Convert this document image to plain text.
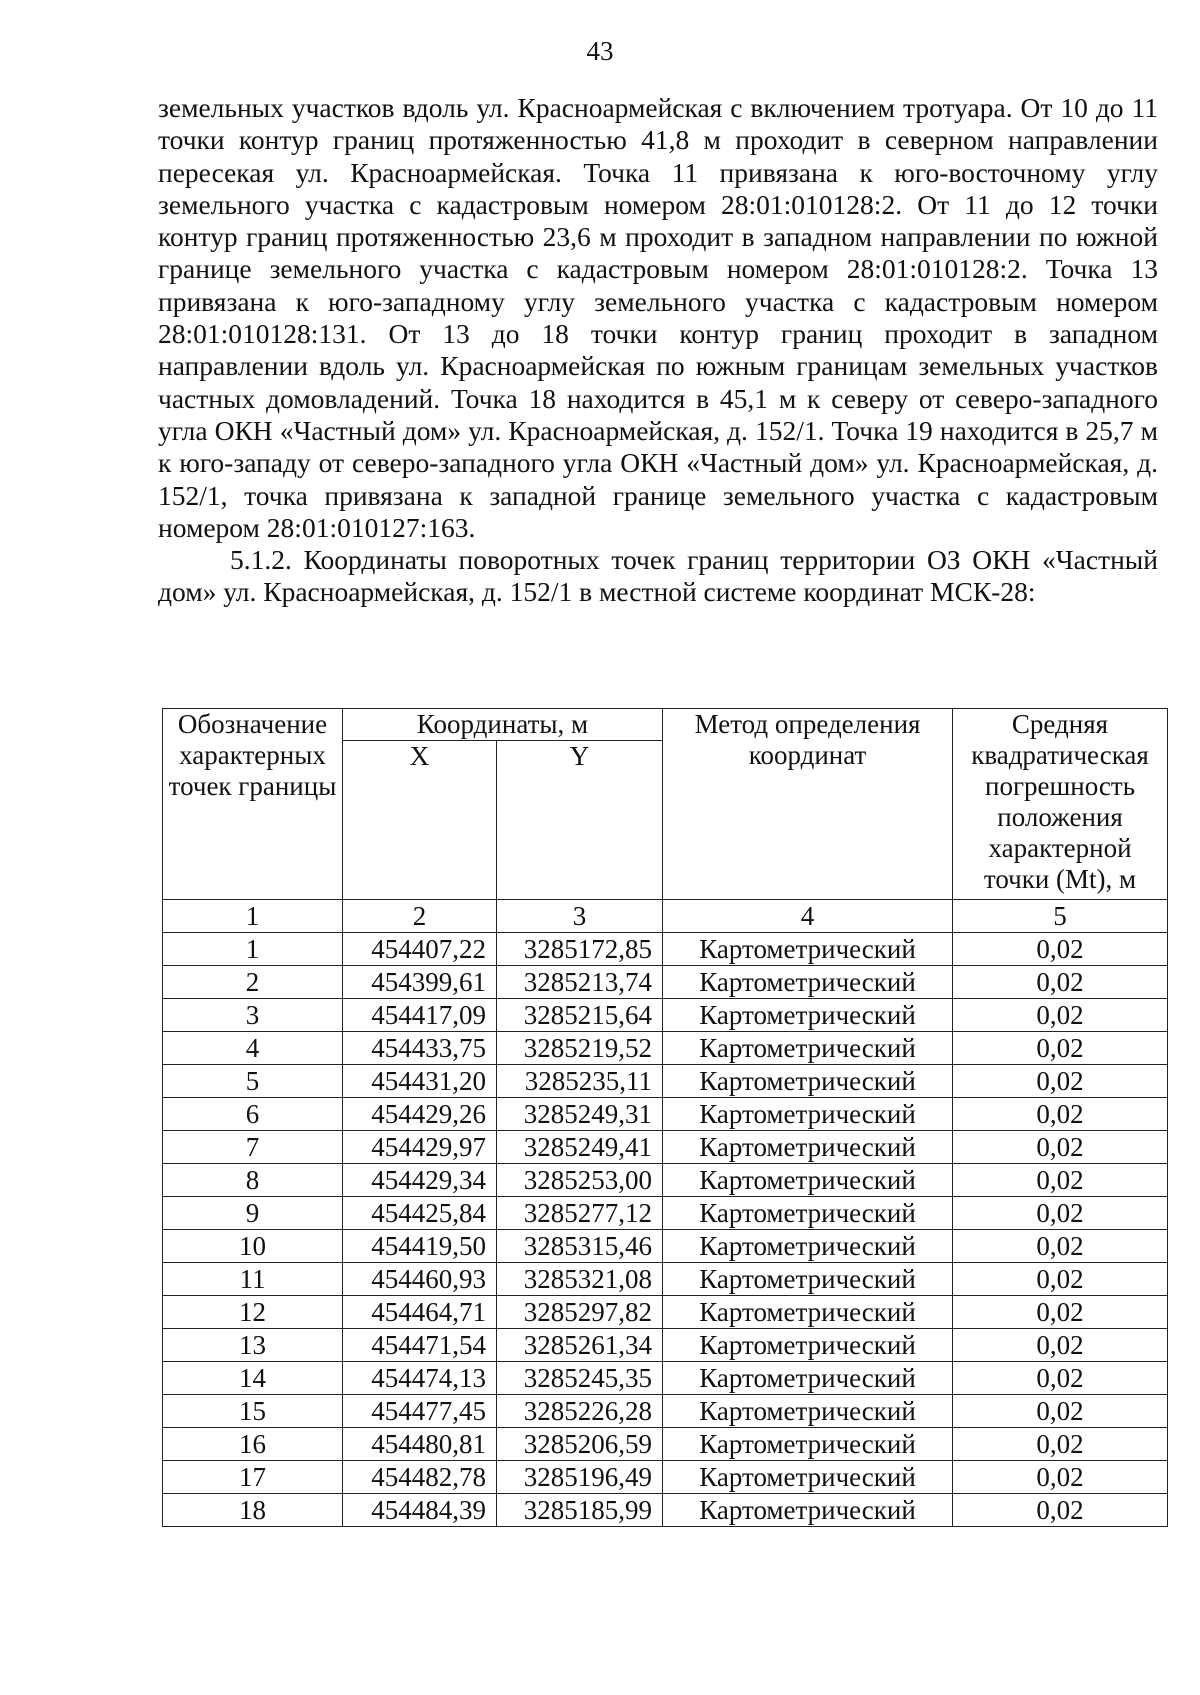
43

земельных участков вдоль ул. Красноармейская с включением тротуара. От 10 до 11 точки контур границ протяженностью 41,8 м проходит в северном направлении пересекая ул. Красноармейская. Точка 11 привязана к юго-восточному углу земельного участка с кадастровым номером 28:01:010128:2. От 11 до 12 точки контур границ протяженностью 23,6 м проходит в западном направлении по южной границе земельного участка с кадастровым номером 28:01:010128:2. Точка 13 привязана к юго-западному углу земельного участка с кадастровым номером 28:01:010128:131. От 13 до 18 точки контур границ проходит в западном направлении вдоль ул. Красноармейская по южным границам земельных участков частных домовладений. Точка 18 находится в 45,1 м к северу от северо-западного угла ОКН «Частный дом» ул. Красноармейская, д. 152/1. Точка 19 находится в 25,7 м к юго-западу от северо-западного угла ОКН «Частный дом» ул. Красноармейская, д. 152/1, точка привязана к западной границе земельного участка с кадастровым номером 28:01:010127:163.

5.1.2. Координаты поворотных точек границ территории ОЗ ОКН «Частный дом» ул. Красноармейская, д. 152/1 в местной системе координат МСК-28:

Обозначение характерных точек границы	Координаты, м		Метод определения координат	Средняя квадратическая погрешность положения характерной точки (Mt), м
	X	Y		
1	2	3	4	5
1	454407,22	3285172,85	Картометрический	0,02
2	454399,61	3285213,74	Картометрический	0,02
3	454417,09	3285215,64	Картометрический	0,02
4	454433,75	3285219,52	Картометрический	0,02
5	454431,20	3285235,11	Картометрический	0,02
6	454429,26	3285249,31	Картометрический	0,02
7	454429,97	3285249,41	Картометрический	0,02
8	454429,34	3285253,00	Картометрический	0,02
9	454425,84	3285277,12	Картометрический	0,02
10	454419,50	3285315,46	Картометрический	0,02
11	454460,93	3285321,08	Картометрический	0,02
12	454464,71	3285297,82	Картометрический	0,02
13	454471,54	3285261,34	Картометрический	0,02
14	454474,13	3285245,35	Картометрический	0,02
15	454477,45	3285226,28	Картометрический	0,02
16	454480,81	3285206,59	Картометрический	0,02
17	454482,78	3285196,49	Картометрический	0,02
18	454484,39	3285185,99	Картометрический	0,02
